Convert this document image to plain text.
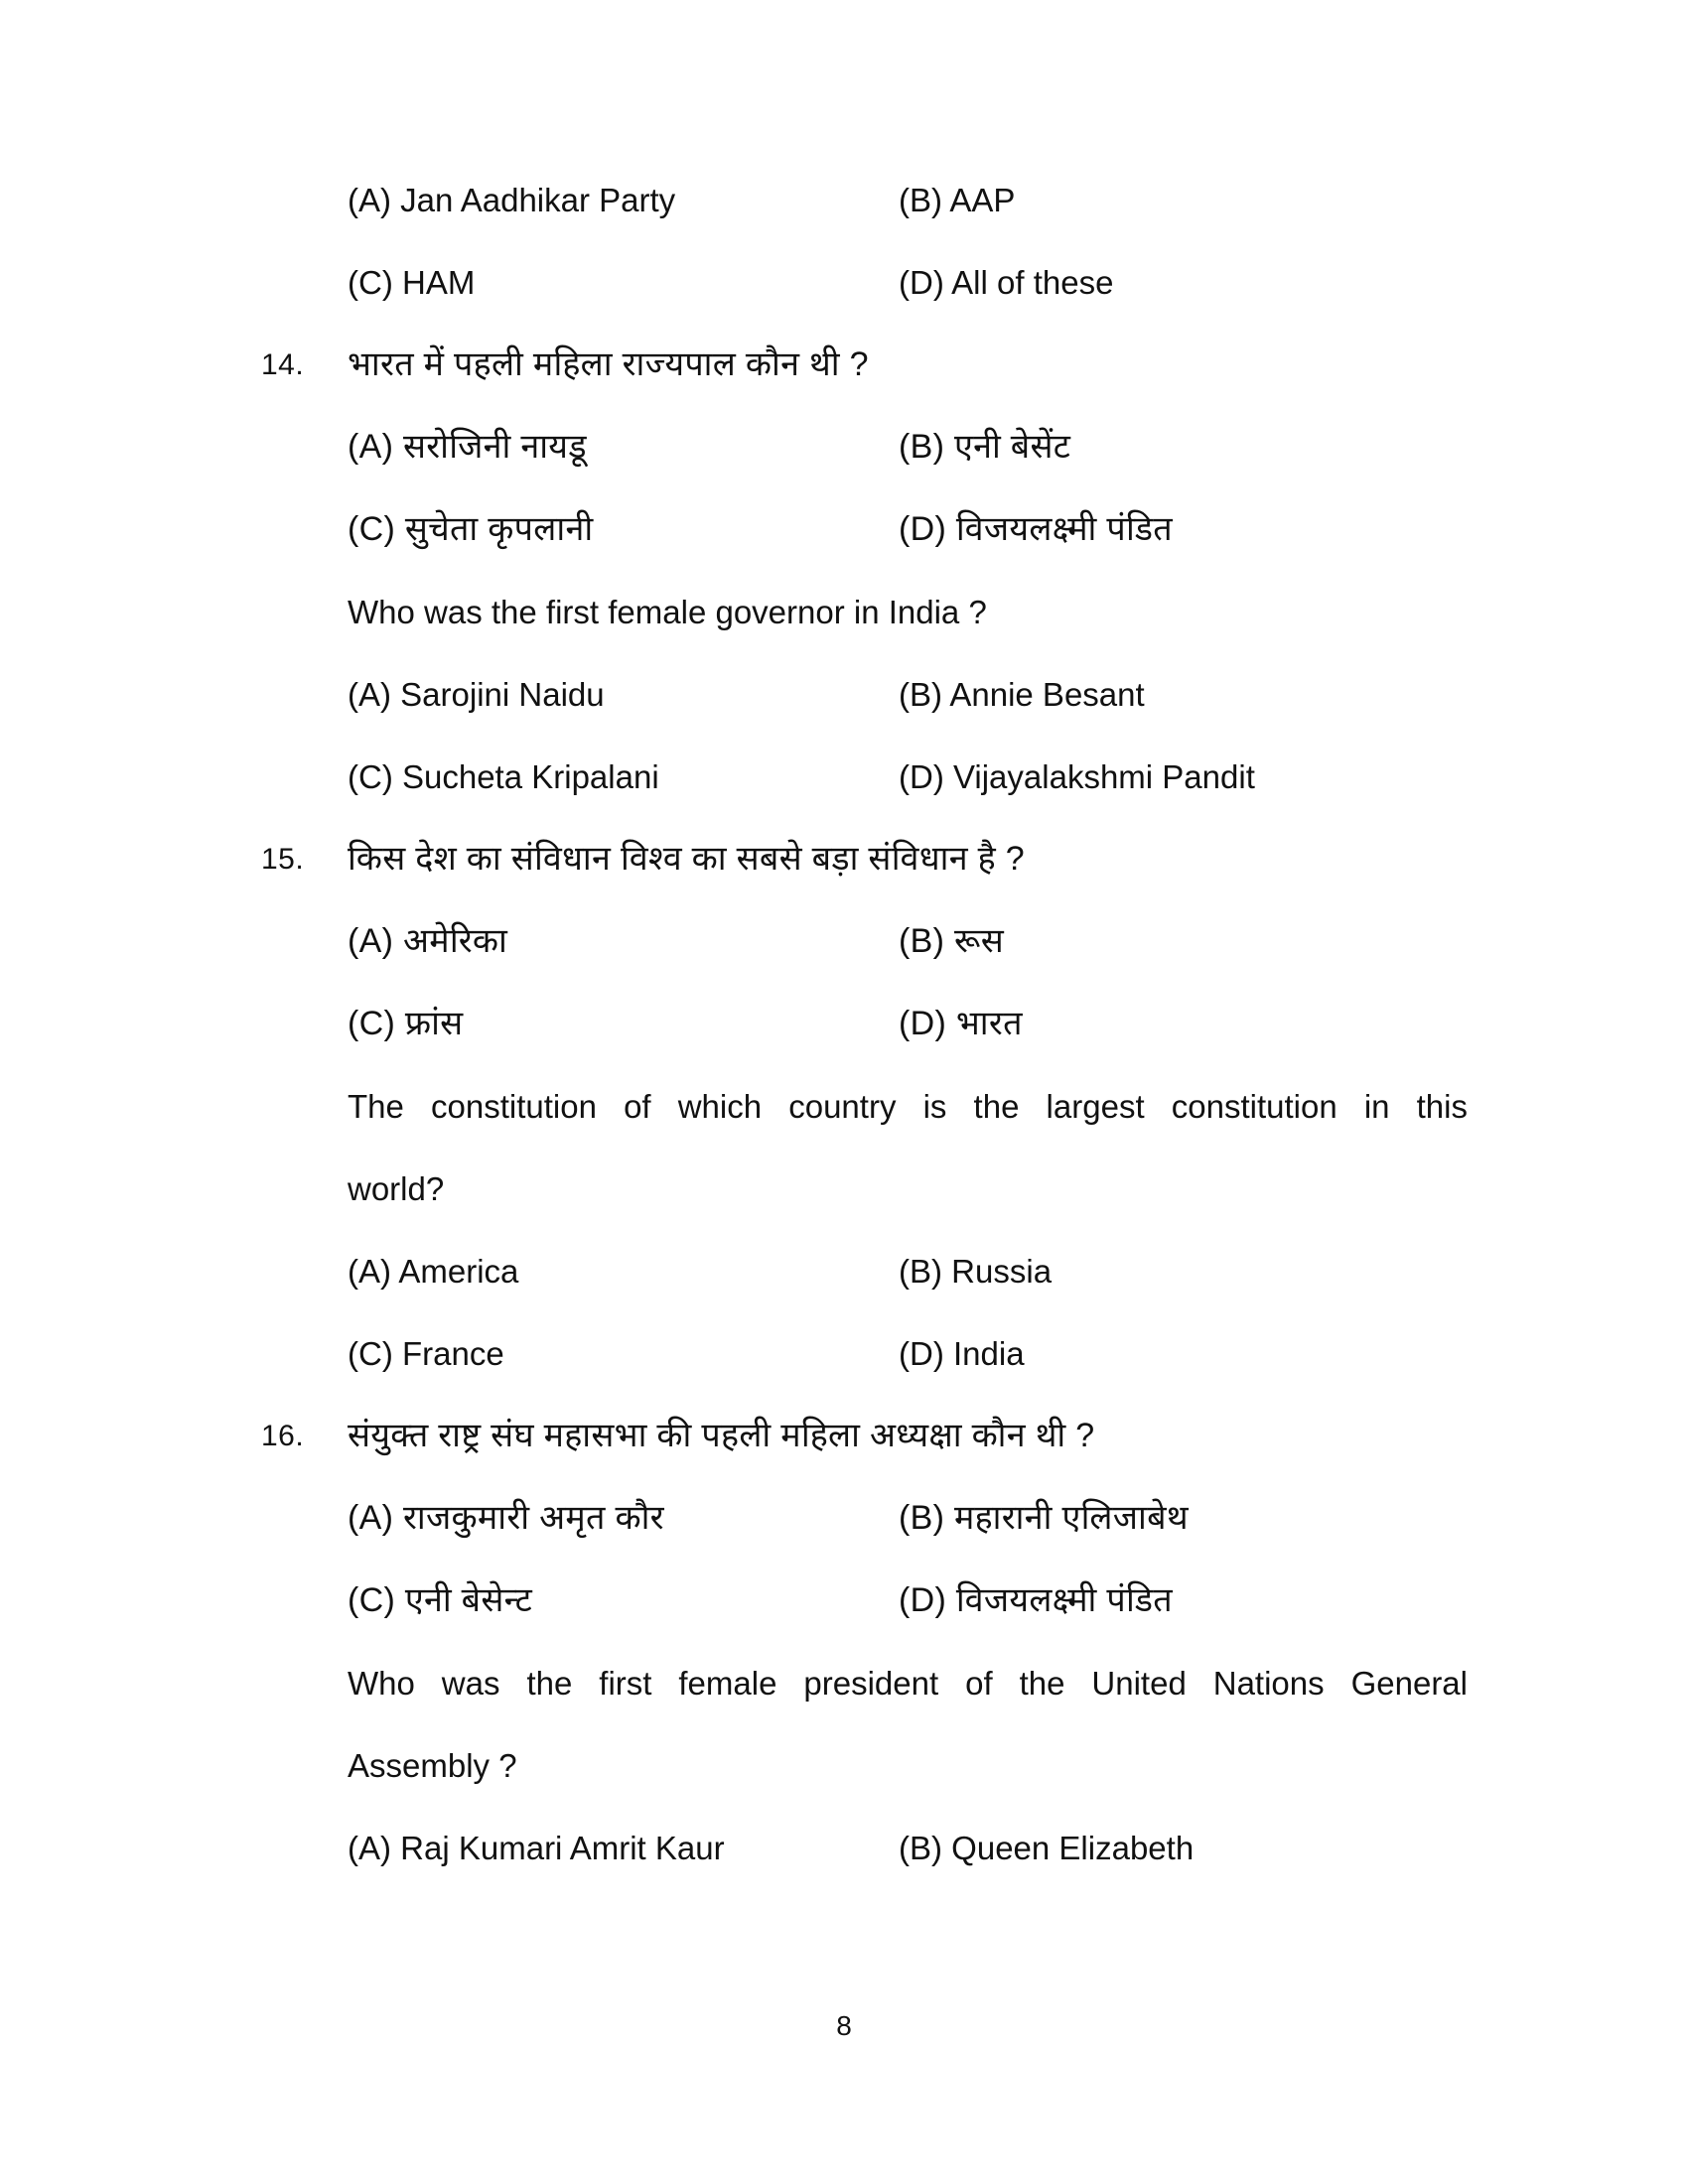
(A) Jan Aadhikar Party	(B) AAP
(C) HAM	(D) All of these
14.	भारत में पहली महिला राज्यपाल कौन थी ?
(A) सरोजिनी नायडू	(B) एनी बेसेंट
(C) सुचेता कृपलानी	(D) विजयलक्ष्मी पंडित
Who was the first female governor in India ?
(A) Sarojini Naidu	(B) Annie Besant
(C) Sucheta Kripalani	(D) Vijayalakshmi Pandit
15.	किस देश का संविधान विश्व का सबसे बड़ा संविधान है ?
(A) अमेरिका	(B) रूस
(C) फ्रांस	(D) भारत
The constitution of which country is the largest constitution in this
world?
(A) America	(B) Russia
(C) France	(D) India
16.	संयुक्त राष्ट्र संघ महासभा की पहली महिला अध्यक्षा कौन थी ?
(A) राजकुमारी अमृत कौर	(B) महारानी एलिजाबेथ
(C) एनी बेसेन्ट	(D) विजयलक्ष्मी पंडित
Who was the first female president of the United Nations General
Assembly ?
(A) Raj Kumari Amrit Kaur	(B) Queen Elizabeth
8
